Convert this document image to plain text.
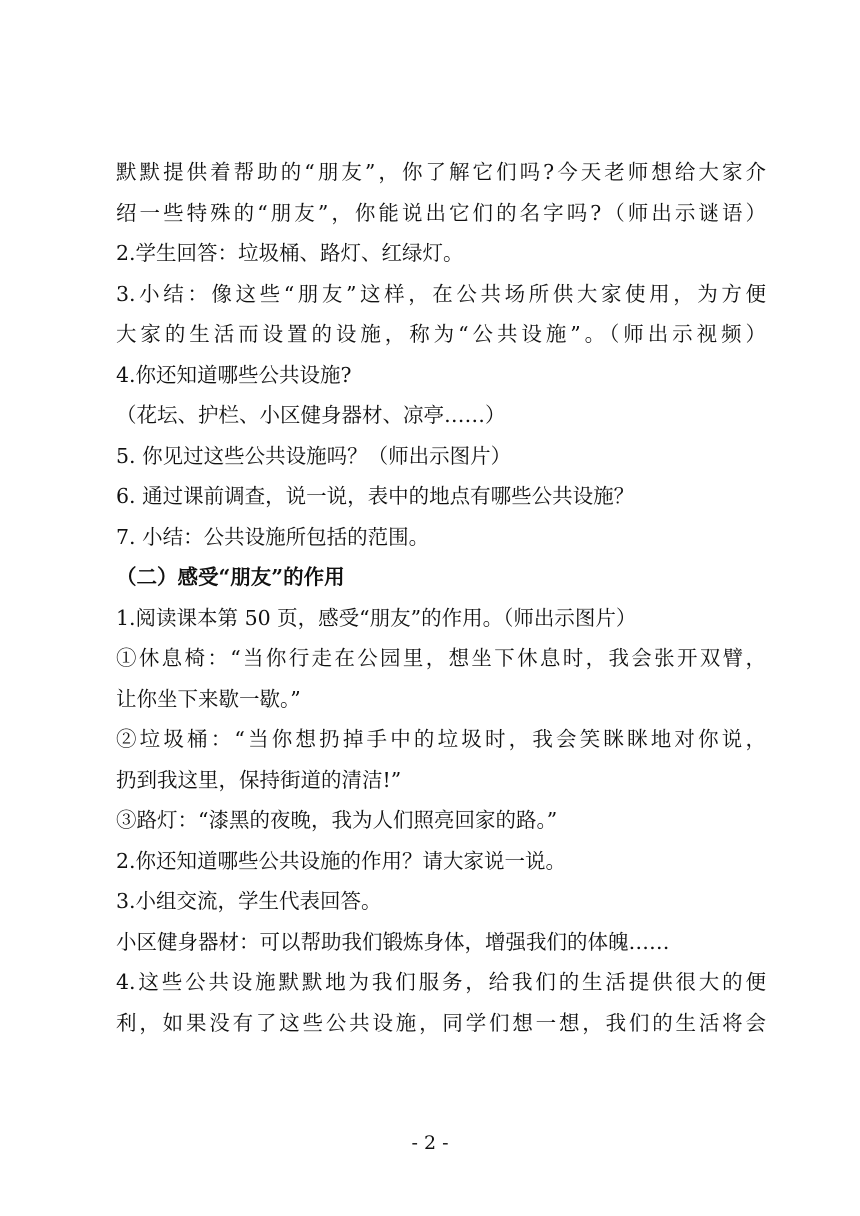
默默提供着帮助的“朋友”，你了解它们吗?今天老师想给大家介
绍一些特殊的“朋友”，你能说出它们的名字吗?（师出示谜语）
2.学生回答：垃圾桶、路灯、红绿灯。
3.小结：像这些“朋友”这样，在公共场所供大家使用，为方便
大家的生活而设置的设施，称为“公共设施”。（师出示视频）
4.你还知道哪些公共设施?
（花坛、护栏、小区健身器材、凉亭……）
5. 你见过这些公共设施吗？（师出示图片）
6. 通过课前调查，说一说，表中的地点有哪些公共设施？
7. 小结：公共设施所包括的范围。
（二）感受“朋友”的作用
1.阅读课本第 50 页，感受“朋友”的作用。（师出示图片）
①休息椅：“当你行走在公园里，想坐下休息时，我会张开双臂，
让你坐下来歇一歇。”
②垃圾桶：“当你想扔掉手中的垃圾时，我会笑眯眯地对你说，
扔到我这里，保持街道的清洁!”
③路灯：“漆黑的夜晚，我为人们照亮回家的路。”
2.你还知道哪些公共设施的作用？请大家说一说。
3.小组交流，学生代表回答。
小区健身器材：可以帮助我们锻炼身体，增强我们的体魄……
4.这些公共设施默默地为我们服务，给我们的生活提供很大的便
利，如果没有了这些公共设施，同学们想一想，我们的生活将会
- 2 -
